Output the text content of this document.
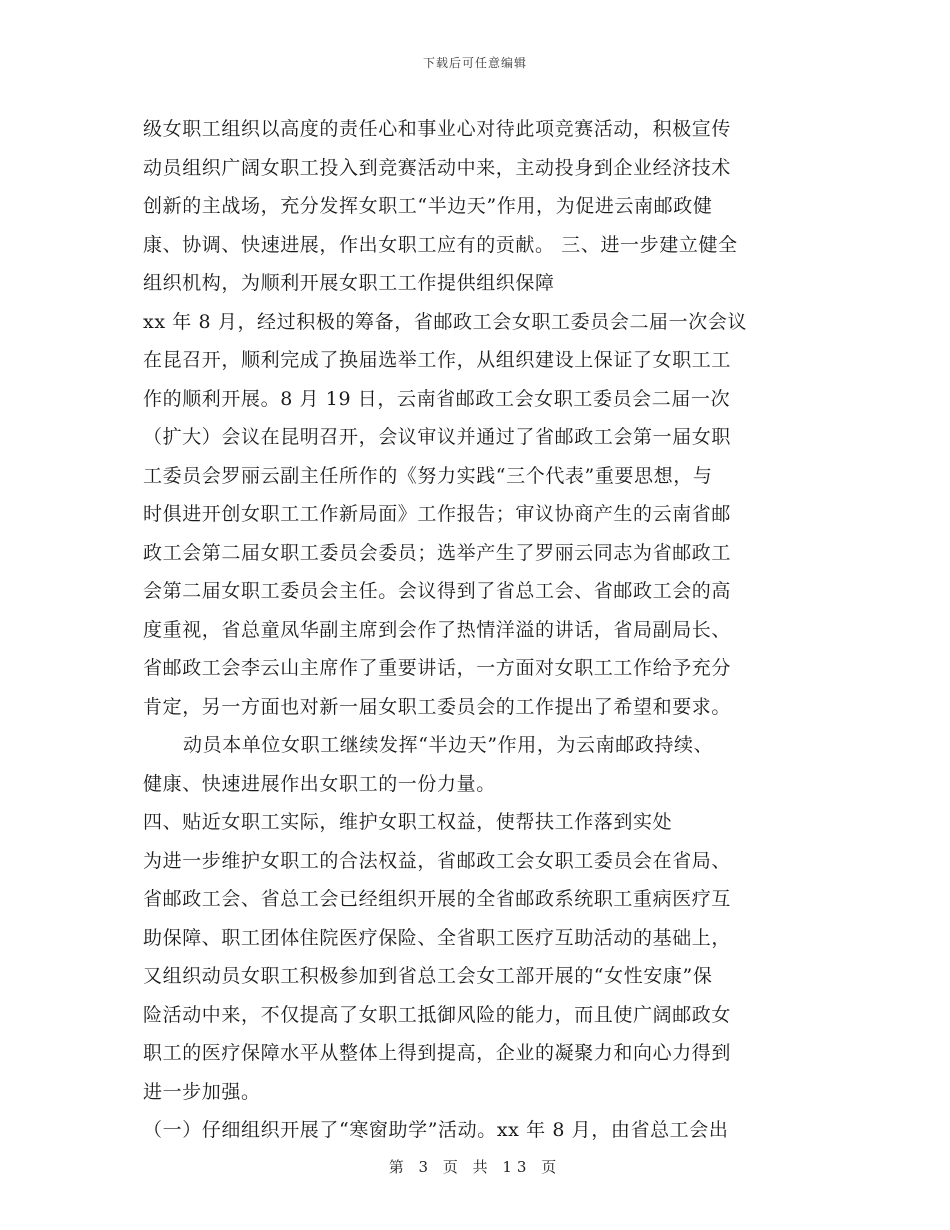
下载后可任意编辑
级女职工组织以高度的责任心和事业心对待此项竞赛活动，积极宣传
动员组织广阔女职工投入到竞赛活动中来，主动投身到企业经济技术
创新的主战场，充分发挥女职工“半边天”作用，为促进云南邮政健
康、协调、快速进展，作出女职工应有的贡献。 三、进一步建立健全
组织机构，为顺利开展女职工工作提供组织保障
xx 年 8 月，经过积极的筹备，省邮政工会女职工委员会二届一次会议
在昆召开，顺利完成了换届选举工作，从组织建设上保证了女职工工
作的顺利开展。8 月 19 日，云南省邮政工会女职工委员会二届一次
（扩大）会议在昆明召开，会议审议并通过了省邮政工会第一届女职
工委员会罗丽云副主任所作的《努力实践“三个代表”重要思想，与
时俱进开创女职工工作新局面》工作报告；审议协商产生的云南省邮
政工会第二届女职工委员会委员；选举产生了罗丽云同志为省邮政工
会第二届女职工委员会主任。会议得到了省总工会、省邮政工会的高
度重视，省总童凤华副主席到会作了热情洋溢的讲话，省局副局长、
省邮政工会李云山主席作了重要讲话，一方面对女职工工作给予充分
肯定，另一方面也对新一届女职工委员会的工作提出了希望和要求。
动员本单位女职工继续发挥“半边天”作用，为云南邮政持续、
健康、快速进展作出女职工的一份力量。
四、贴近女职工实际，维护女职工权益，使帮扶工作落到实处
为进一步维护女职工的合法权益，省邮政工会女职工委员会在省局、
省邮政工会、省总工会已经组织开展的全省邮政系统职工重病医疗互
助保障、职工团体住院医疗保险、全省职工医疗互助活动的基础上，
又组织动员女职工积极参加到省总工会女工部开展的“女性安康”保
险活动中来，不仅提高了女职工抵御风险的能力，而且使广阔邮政女
职工的医疗保障水平从整体上得到提高，企业的凝聚力和向心力得到
进一步加强。
（一）仔细组织开展了“寒窗助学”活动。xx 年 8 月，由省总工会出
第 3 页 共 13 页
